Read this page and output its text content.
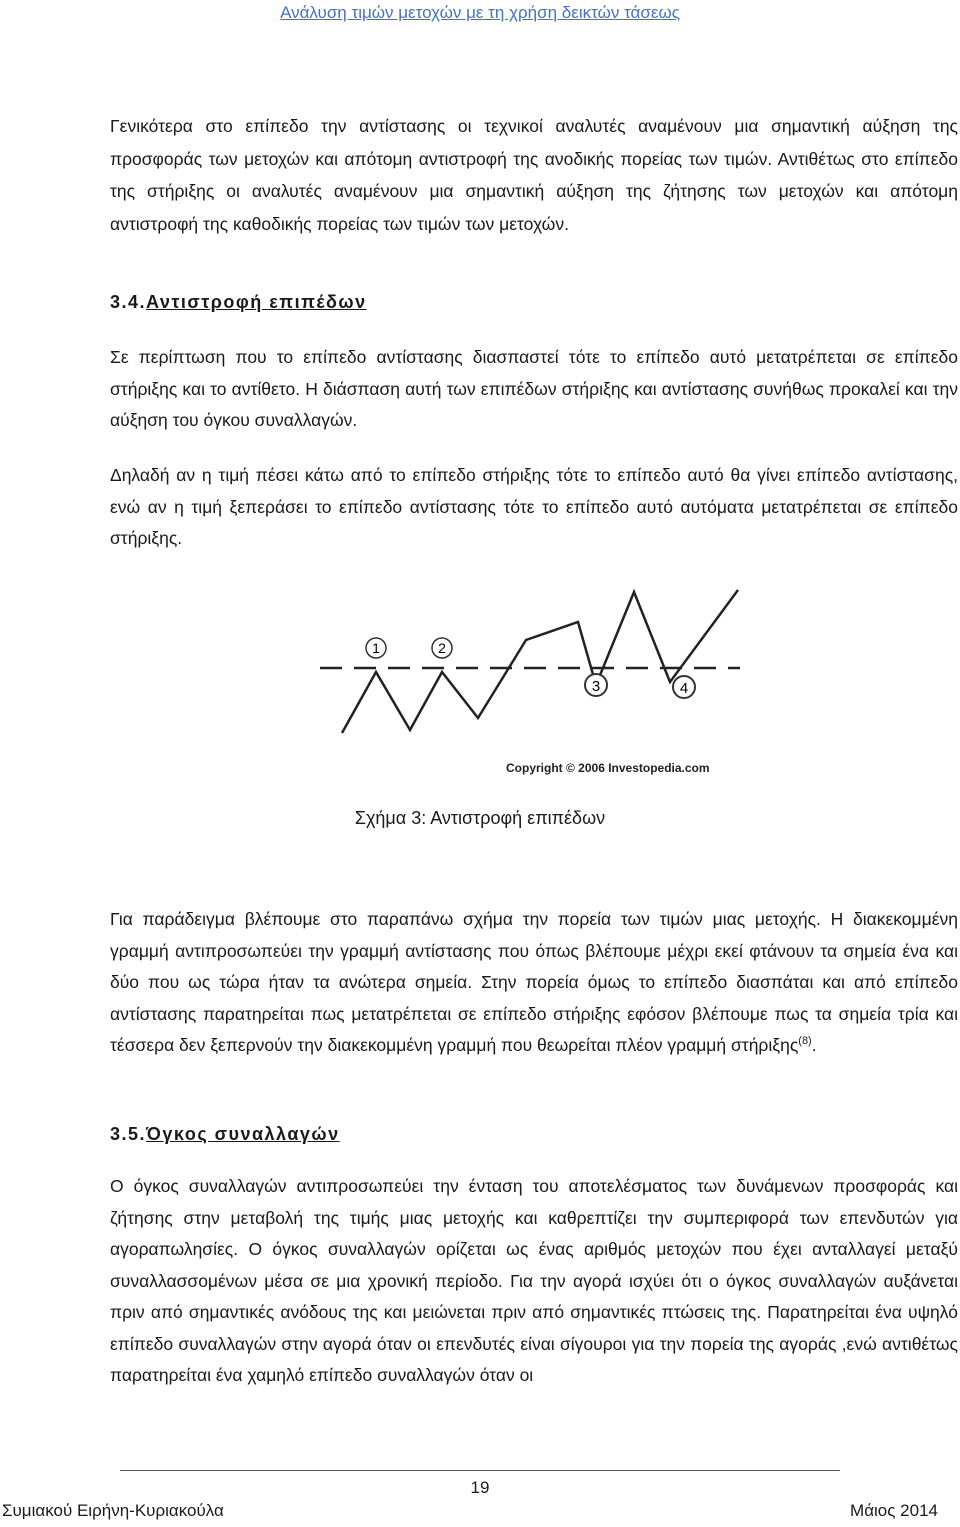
Ανάλυση τιμών μετοχών με τη χρήση δεικτών τάσεως

Γενικότερα στο επίπεδο την αντίστασης οι τεχνικοί αναλυτές αναμένουν μια σημαντική αύξηση της προσφοράς των μετοχών και απότομη αντιστροφή της ανοδικής πορείας των τιμών. Αντιθέτως στο επίπεδο της στήριξης οι αναλυτές αναμένουν μια σημαντική αύξηση της ζήτησης των μετοχών και απότομη αντιστροφή της καθοδικής πορείας των τιμών των μετοχών.

3.4.Αντιστροφή επιπέδων

Σε περίπτωση που το επίπεδο αντίστασης διασπαστεί τότε το επίπεδο αυτό μετατρέπεται σε επίπεδο στήριξης και το αντίθετο. Η διάσπαση αυτή των επιπέδων στήριξης και αντίστασης συνήθως προκαλεί και την αύξηση του όγκου συναλλαγών.

Δηλαδή αν η τιμή πέσει κάτω από το επίπεδο στήριξης τότε το επίπεδο αυτό θα γίνει επίπεδο αντίστασης, ενώ αν η τιμή ξεπεράσει το επίπεδο αντίστασης τότε το επίπεδο αυτό αυτόματα μετατρέπεται σε επίπεδο στήριξης.

1	2
3	4
Copyright © 2006 Investopedia.com
Σχήμα 3: Αντιστροφή επιπέδων

Για παράδειγμα βλέπουμε στο παραπάνω σχήμα την πορεία των τιμών μιας μετοχής. Η διακεκομμένη γραμμή αντιπροσωπεύει την γραμμή αντίστασης που όπως βλέπουμε μέχρι εκεί φτάνουν τα σημεία ένα και δύο που ως τώρα ήταν τα ανώτερα σημεία. Στην πορεία όμως το επίπεδο διασπάται και από επίπεδο αντίστασης παρατηρείται πως μετατρέπεται σε επίπεδο στήριξης εφόσον βλέπουμε πως τα σημεία τρία και τέσσερα δεν ξεπερνούν την διακεκομμένη γραμμή που θεωρείται πλέον γραμμή στήριξης$^{(8)}$.

3.5.Όγκος συναλλαγών

Ο όγκος συναλλαγών αντιπροσωπεύει την ένταση του αποτελέσματος των δυνάμενων προσφοράς και ζήτησης στην μεταβολή της τιμής μιας μετοχής και καθρεπτίζει την συμπεριφορά των επενδυτών για αγοραπωλησίες. Ο όγκος συναλλαγών ορίζεται ως ένας αριθμός μετοχών που έχει ανταλλαγεί μεταξύ συναλλασσομένων μέσα σε μια χρονική περίοδο. Για την αγορά ισχύει ότι ο όγκος συναλλαγών αυξάνεται πριν από σημαντικές ανόδους της και μειώνεται πριν από σημαντικές πτώσεις της. Παρατηρείται ένα υψηλό επίπεδο συναλλαγών στην αγορά όταν οι επενδυτές είναι σίγουροι για την πορεία της αγοράς ,ενώ αντιθέτως παρατηρείται ένα χαμηλό επίπεδο συναλλαγών όταν οι

19
Συμιακού Ειρήνη-Κυριακούλα	Μάιος 2014
